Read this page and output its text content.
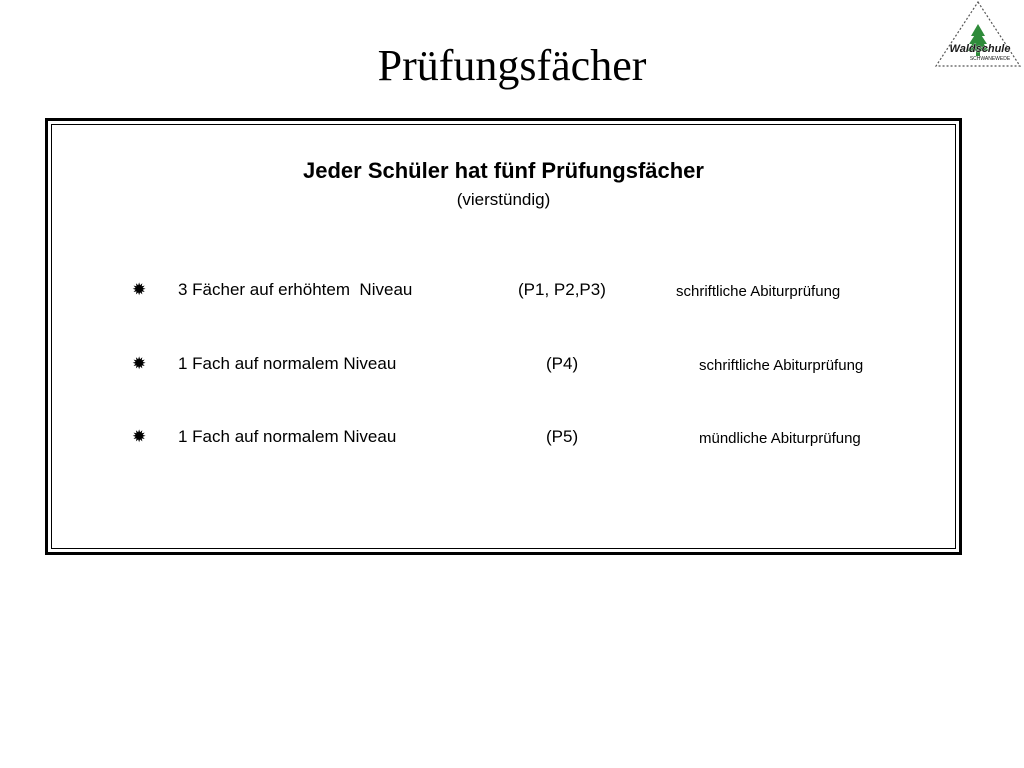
Prüfungsfächer	Waldschule
SCHWANEWEDE
Jeder Schüler hat fünf Prüfungsfächer
(vierstündig)
✹ 3 Fächer auf erhöhtem  Niveau	(P1, P2,P3)	schriftliche Abiturprüfung
✹ 1 Fach auf normalem Niveau	(P4)	schriftliche Abiturprüfung
✹ 1 Fach auf normalem Niveau	(P5)	mündliche Abiturprüfung
